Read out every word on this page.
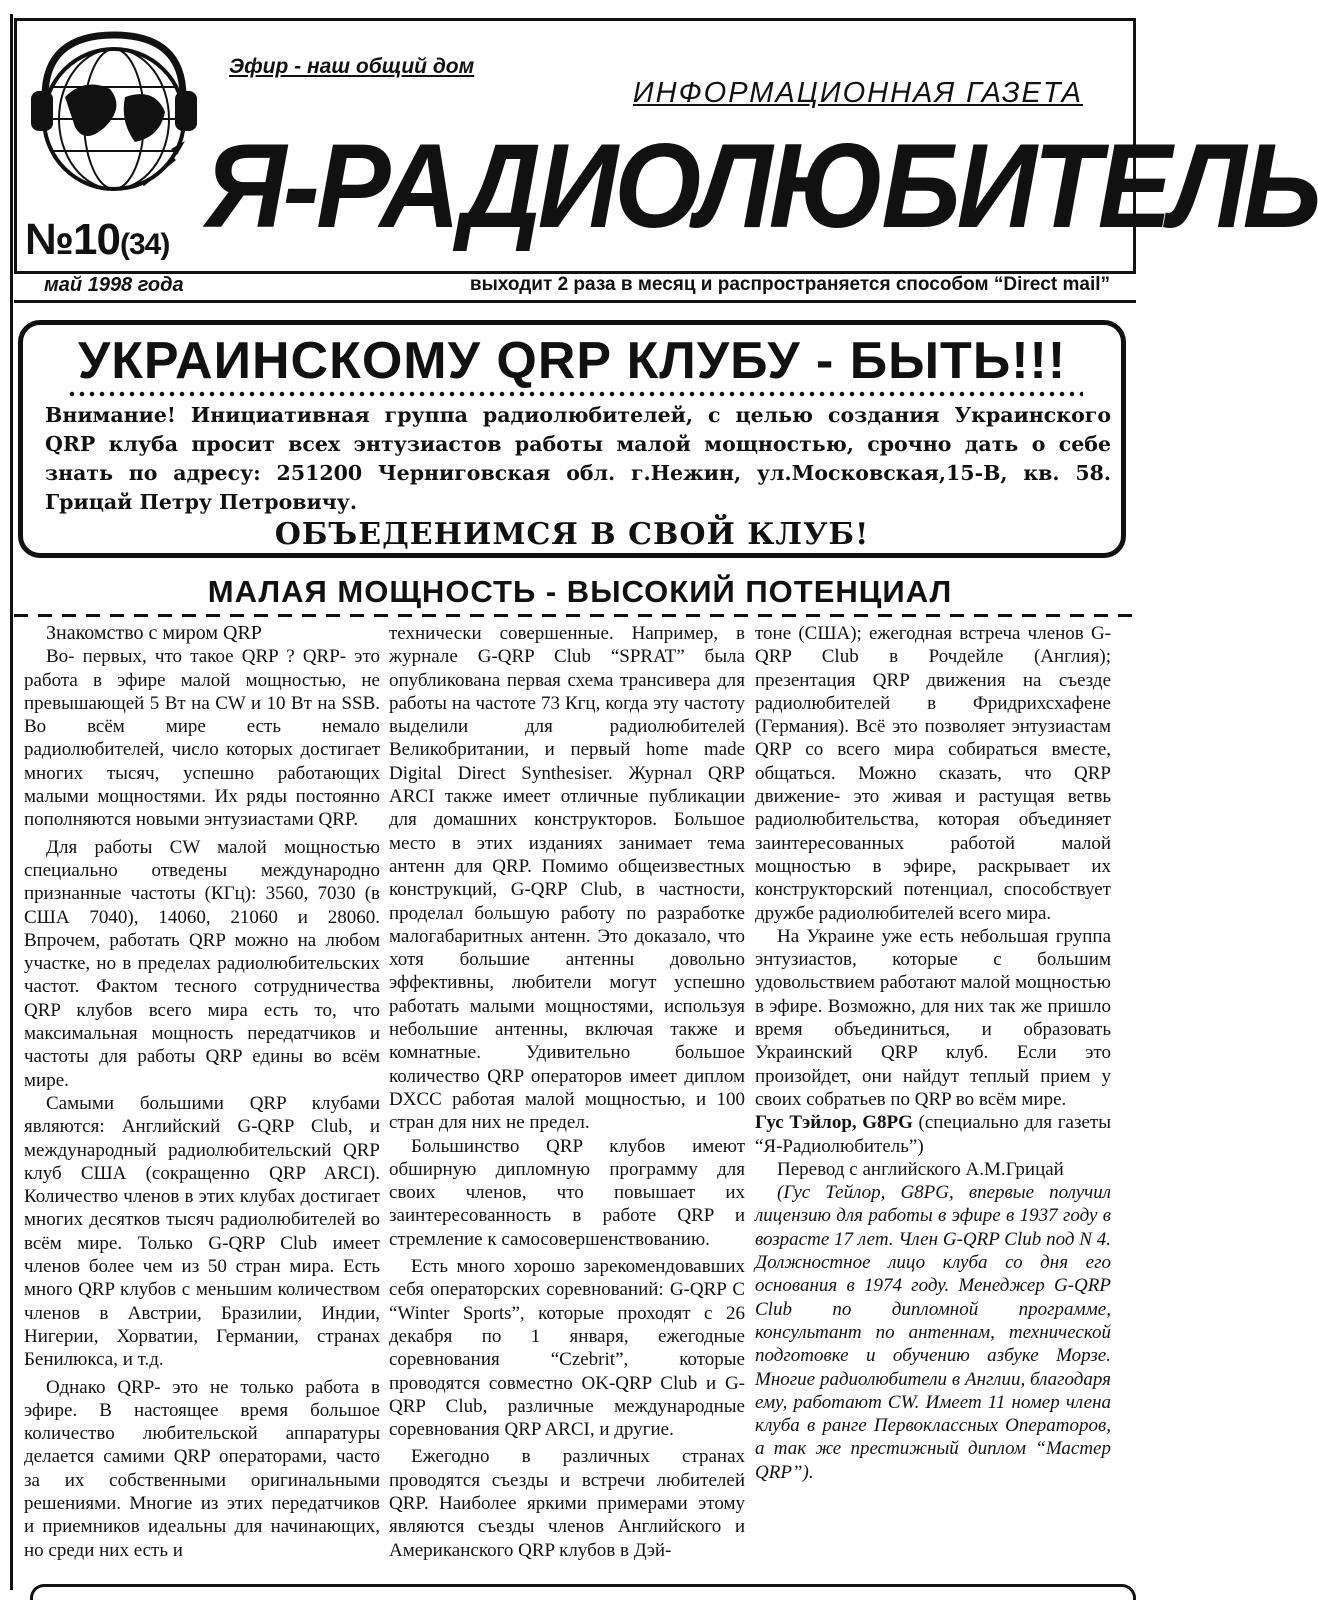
Эфир - наш общий дом
ИНФОРМАЦИОННАЯ ГАЗЕТА
Я-РАДИОЛЮБИТЕЛЬ
№10(34)
май 1998 года	выходит 2 раза в месяц и распространяется способом “Direct mail”
УКРАИНСКОМУ QRP КЛУБУ - БЫТЬ!!!
Внимание! Инициативная группа радиолюбителей, с целью создания Украинского QRP клуба просит всех энтузиастов работы малой мощностью, срочно дать о себе знать по адресу: 251200 Черниговская обл. г.Нежин, ул.Московская,15-В, кв. 58. Грицай Петру Петровичу.
ОБЪЕДЕНИМСЯ В СВОЙ КЛУБ!
МАЛАЯ МОЩНОСТЬ - ВЫСОКИЙ ПОТЕНЦИАЛ

Знакомство с миром QRP

Во- первых, что такое QRP ? QRP- это работа в эфире малой мощностью, не превышающей 5 Вт на CW и 10 Вт на SSB. Во всём мире есть немало радиолюбителей, число которых достигает многих тысяч, успешно работающих малыми мощностями. Их ряды постоянно пополняются новыми энтузиастами QRP.

Для работы CW малой мощностью специально отведены международно признанные частоты (КГц): 3560, 7030 (в США 7040), 14060, 21060 и 28060. Впрочем, работать QRP можно на любом участке, но в пределах радиолюбительских частот. Фактом тесного сотрудничества QRP клубов всего мира есть то, что максимальная мощность передатчиков и частоты для работы QRP едины во всём мире.

Самыми большими QRP клубами являются: Английский G-QRP Club, и международный радиолюбительский QRP клуб США (сокращенно QRP ARCI). Количество членов в этих клубах достигает многих десятков тысяч радиолюбителей во всём мире. Только G-QRP Club имеет членов более чем из 50 стран мира. Есть много QRP клубов с меньшим количеством членов в Австрии, Бразилии, Индии, Нигерии, Хорватии, Германии, странах Бенилюкса, и т.д.

Однако QRP- это не только работа в эфире. В настоящее время большое количество любительской аппаратуры делается самими QRP операторами, часто за их собственными оригинальными решениями. Многие из этих передатчиков и приемников идеальны для начинающих, но среди них есть и

технически совершенные. Например, в журнале G-QRP Club “SPRAT” была опубликована первая схема трансивера для работы на частоте 73 Кгц, когда эту частоту выделили для радиолюбителей Великобритании, и первый home made Digital Direct Synthesiser. Журнал QRP ARCI также имеет отличные публикации для домашних конструкторов. Большое место в этих изданиях занимает тема антенн для QRP. Помимо общеизвестных конструкций, G-QRP Club, в частности, проделал большую работу по разработке малогабаритных антенн. Это доказало, что хотя большие антенны довольно эффективны, любители могут успешно работать малыми мощностями, используя небольшие антенны, включая также и комнатные. Удивительно большое количество QRP операторов имеет диплом DXCC работая малой мощностью, и 100 стран для них не предел.

Большинство QRP клубов имеют обширную дипломную программу для своих членов, что повышает их заинтересованность в работе QRP и стремление к самосовершенствованию.

Есть много хорошо зарекомендовавших себя операторских соревнований: G-QRP C “Winter Sports”, которые проходят с 26 декабря по 1 января, ежегодные соревнования “Czebrit”, которые проводятся совместно OK-QRP Club и G-QRP Club, различные международные соревнования QRP ARCI, и другие.

Ежегодно в различных странах проводятся съезды и встречи любителей QRP. Наиболее яркими примерами этому являются съезды членов Английского и Американского QRP клубов в Дэй-

тоне (США); ежегодная встреча членов G-QRP Club в Рочдейле (Англия); презентация QRP движения на съезде радиолюбителей в Фридрихсхафене (Германия). Всё это позволяет энтузиастам QRP со всего мира собираться вместе, общаться. Можно сказать, что QRP движение- это живая и растущая ветвь радиолюбительства, которая объединяет заинтересованных работой малой мощностью в эфире, раскрывает их конструкторский потенциал, способствует дружбе радиолюбителей всего мира.

На Украине уже есть небольшая группа энтузиастов, которые с большим удовольствием работают малой мощностью в эфире. Возможно, для них так же пришло время объединиться, и образовать Украинский QRP клуб. Если это произойдет, они найдут теплый прием у своих собратьев по QRP во всём мире.

Гус Тэйлор, G8PG (специально для газеты “Я-Радиолюбитель”)

Перевод с английского А.М.Грицай

(Гус Тейлор, G8PG, впервые получил лицензию для работы в эфире в 1937 году в возрасте 17 лет. Член G-QRP Club под N 4. Должностное лицо клуба со дня его основания в 1974 году. Менеджер G-QRP Club по дипломной программе, консультант по антеннам, технической подготовке и обучению азбуке Морзе. Многие радиолюбители в Англии, благодаря ему, работают CW. Имеет 11 номер члена клуба в ранге Первоклассных Операторов, а так же престижный диплом “Мастер QRP”).
